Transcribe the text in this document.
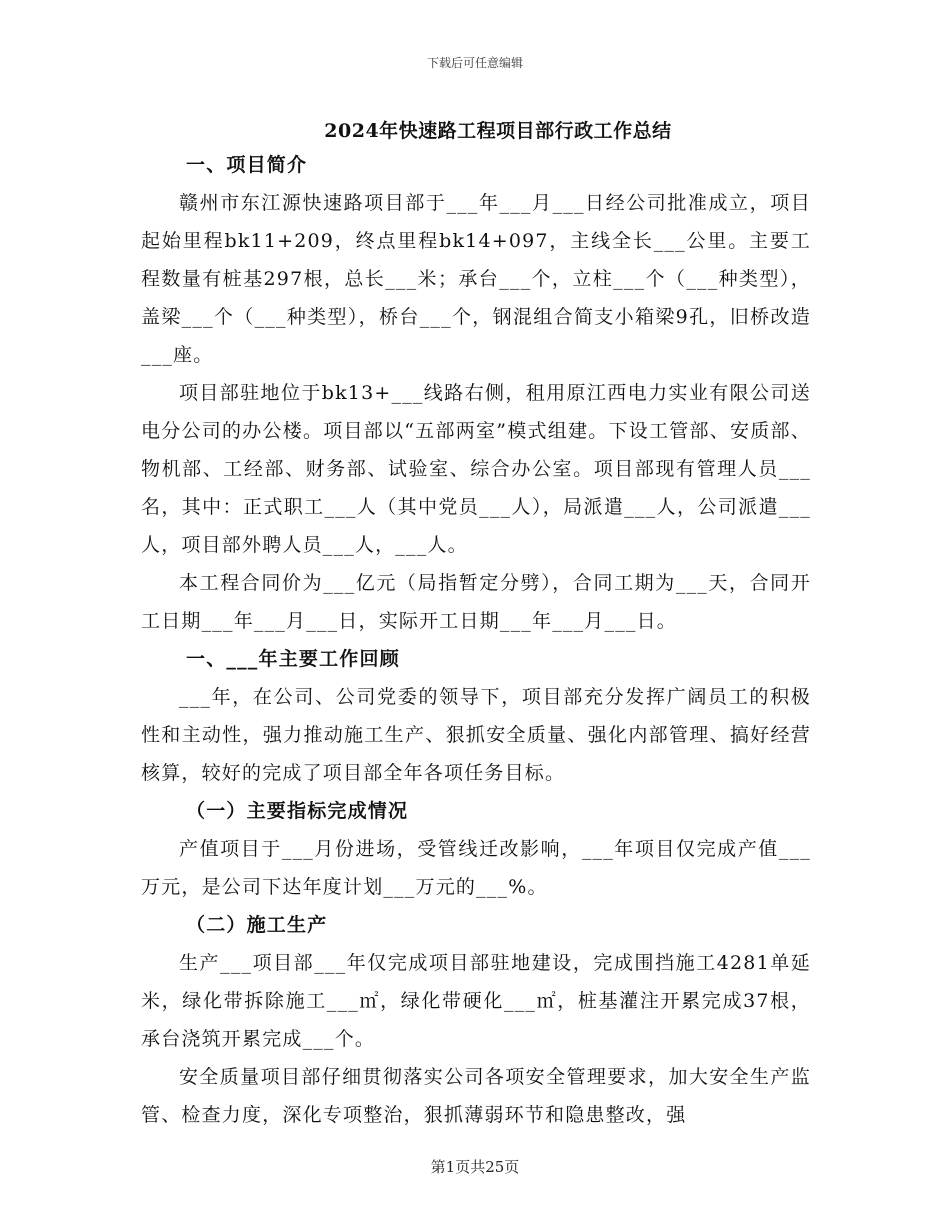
下载后可任意编辑
2024年快速路工程项目部行政工作总结
一、项目简介

赣州市东江源快速路项目部于___年___月___日经公司批准成立，项目起始里程bk11+209，终点里程bk14+097，主线全长___公里。主要工程数量有桩基297根，总长___米；承台___个，立柱___个（___种类型），盖梁___个（___种类型），桥台___个，钢混组合简支小箱梁9孔，旧桥改造___座。

项目部驻地位于bk13+___线路右侧，租用原江西电力实业有限公司送电分公司的办公楼。项目部以“五部两室”模式组建。下设工管部、安质部、物机部、工经部、财务部、试验室、综合办公室。项目部现有管理人员___名，其中：正式职工___人（其中党员___人），局派遣___人，公司派遣___人，项目部外聘人员___人，___人。

本工程合同价为___亿元（局指暂定分劈），合同工期为___天，合同开工日期___年___月___日，实际开工日期___年___月___日。

一、___年主要工作回顾

___年，在公司、公司党委的领导下，项目部充分发挥广阔员工的积极性和主动性，强力推动施工生产、狠抓安全质量、强化内部管理、搞好经营核算，较好的完成了项目部全年各项任务目标。

（一）主要指标完成情况

产值项目于___月份进场，受管线迁改影响，___年项目仅完成产值___万元，是公司下达年度计划___万元的___%。

（二）施工生产

生产___项目部___年仅完成项目部驻地建设，完成围挡施工4281单延米，绿化带拆除施工___㎡，绿化带硬化___㎡，桩基灌注开累完成37根，承台浇筑开累完成___个。

安全质量项目部仔细贯彻落实公司各项安全管理要求，加大安全生产监管、检查力度，深化专项整治，狠抓薄弱环节和隐患整改，强

第1页共25页
